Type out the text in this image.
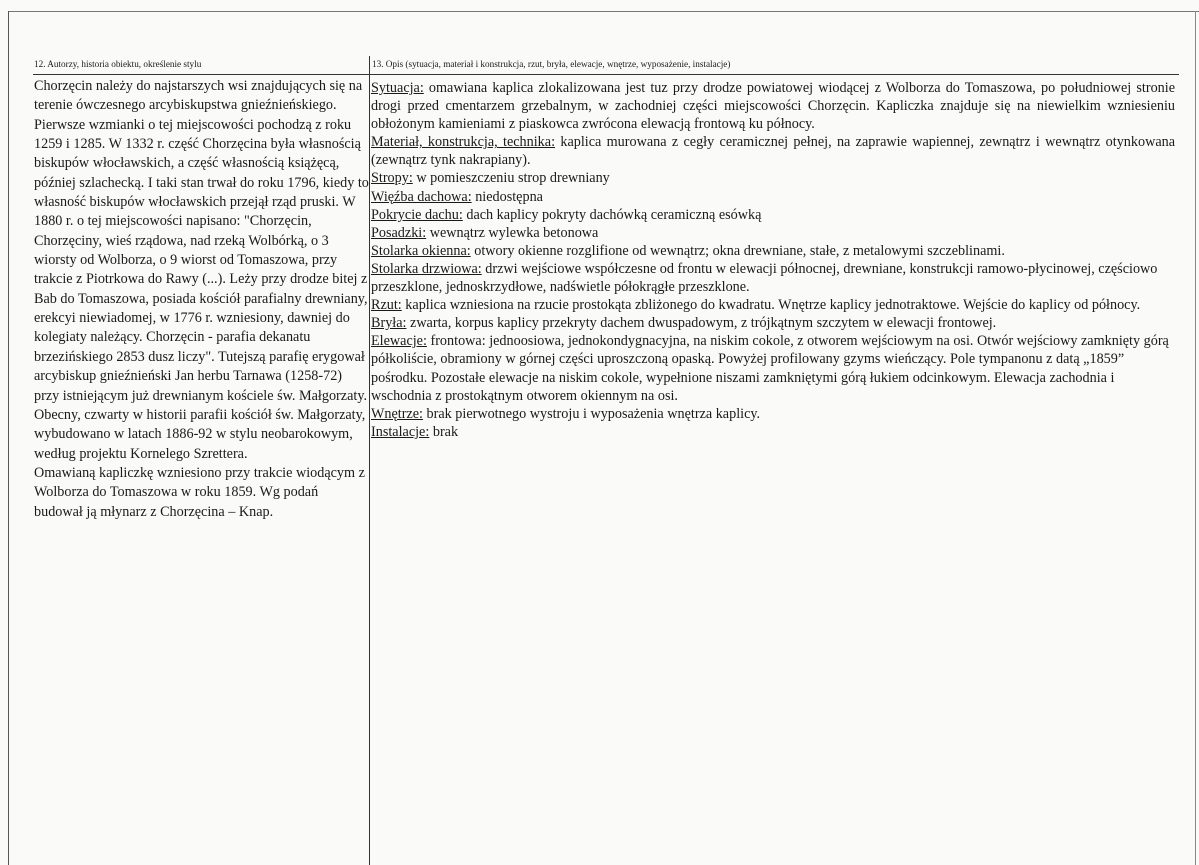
12. Autorzy, historia obiektu, określenie stylu	13. Opis (sytuacja, materiał i konstrukcja, rzut, bryła, elewacje, wnętrze, wyposażenie, instalacje)

Chorzęcin należy do najstarszych wsi znajdujących się na terenie ówczesnego arcybiskupstwa gnieźnieńskiego. Pierwsze wzmianki o tej miejscowości pochodzą z roku 1259 i 1285. W 1332 r. część Chorzęcina była własnością biskupów włocławskich, a część własnością książęcą, później szlachecką. I taki stan trwał do roku 1796, kiedy to własność biskupów włocławskich przejął rząd pruski. W 1880 r. o tej miejscowości napisano: "Chorzęcin, Chorzęciny, wieś rządowa, nad rzeką Wolbórką, o 3 wiorsty od Wolborza, o 9 wiorst od Tomaszowa, przy trakcie z Piotrkowa do Rawy (...). Leży przy drodze bitej z Bab do Tomaszowa, posiada kościół parafialny drewniany, erekcyi niewiadomej, w 1776 r. wzniesiony, dawniej do kolegiaty należący. Chorzęcin - parafia dekanatu brzezińskiego 2853 dusz liczy". Tutejszą parafię erygował arcybiskup gnieźnieński Jan herbu Tarnawa (1258-72) przy istniejącym już drewnianym kościele św. Małgorzaty. Obecny, czwarty w historii parafii kościół św. Małgorzaty, wybudowano w latach 1886-92 w stylu neobarokowym, według projektu Kornelego Szrettera.

Omawianą kapliczkę wzniesiono przy trakcie wiodącym z Wolborza do Tomaszowa w roku 1859. Wg podań budował ją młynarz z Chorzęcina – Knap.

Sytuacja: omawiana kaplica zlokalizowana jest tuz przy drodze powiatowej wiodącej z Wolborza do Tomaszowa, po południowej stronie drogi przed cmentarzem grzebalnym, w zachodniej części miejscowości Chorzęcin. Kapliczka znajduje się na niewielkim wzniesieniu obłożonym kamieniami z piaskowca zwrócona elewacją frontową ku północy.

Materiał, konstrukcja, technika: kaplica murowana z cegły ceramicznej pełnej, na zaprawie wapiennej, zewnątrz i wewnątrz otynkowana (zewnątrz tynk nakrapiany).

Stropy: w pomieszczeniu strop drewniany

Więźba dachowa: niedostępna

Pokrycie dachu: dach kaplicy pokryty dachówką ceramiczną esówką

Posadzki: wewnątrz wylewka betonowa

Stolarka okienna: otwory okienne rozglifione od wewnątrz; okna drewniane, stałe, z metalowymi szczeblinami.

Stolarka drzwiowa: drzwi wejściowe współczesne od frontu w elewacji północnej, drewniane, konstrukcji ramowo-płycinowej, częściowo przeszklone, jednoskrzydłowe, nadświetle półokrągłe przeszklone.

Rzut: kaplica wzniesiona na rzucie prostokąta zbliżonego do kwadratu. Wnętrze kaplicy jednotraktowe. Wejście do kaplicy od północy.

Bryła: zwarta, korpus kaplicy przekryty dachem dwuspadowym, z trójkątnym szczytem w elewacji frontowej.

Elewacje: frontowa: jednoosiowa, jednokondygnacyjna, na niskim cokole, z otworem wejściowym na osi. Otwór wejściowy zamknięty górą półkoliście, obramiony w górnej części uproszczoną opaską. Powyżej profilowany gzyms wieńczący. Pole tympanonu z datą „1859” pośrodku. Pozostałe elewacje na niskim cokole, wypełnione niszami zamkniętymi górą łukiem odcinkowym. Elewacja zachodnia i wschodnia z prostokątnym otworem okiennym na osi.

Wnętrze: brak pierwotnego wystroju i wyposażenia wnętrza kaplicy.

Instalacje: brak
